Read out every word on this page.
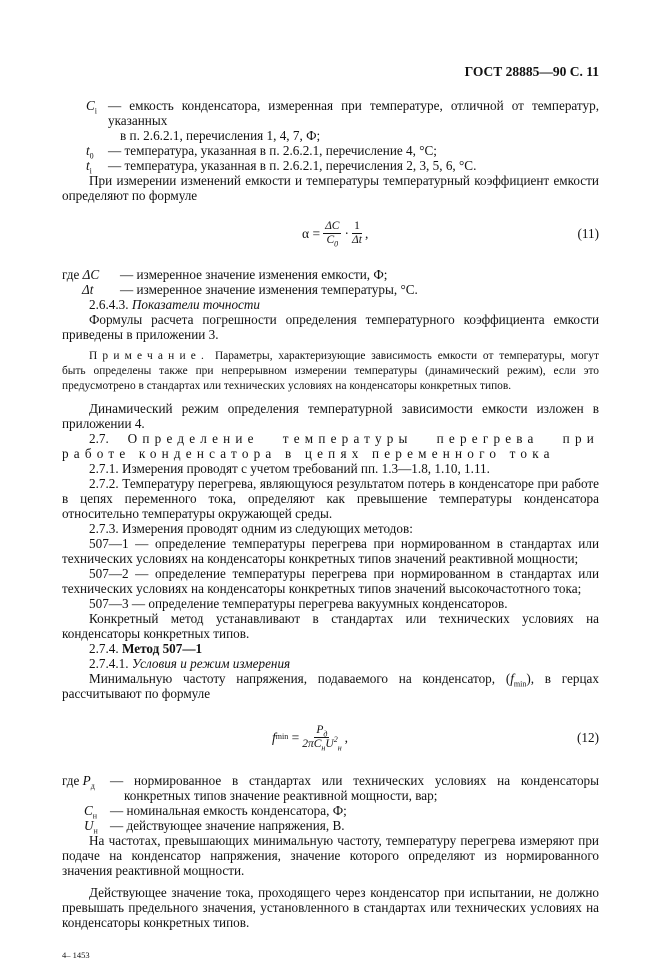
ГОСТ 28885—90 С. 11
$C_i$ — емкость конденсатора, измеренная при температуре, отличной от температур, указанных
в п. 2.6.2.1, перечисления 1, 4, 7, Ф;
$t_0$	— температура, указанная в п. 2.6.2.1, перечисление 4, °С;
$t_i$	— температура, указанная в п. 2.6.2.1, перечисления 2, 3, 5, 6, °С.
При измерении изменений емкости и температуры температурный коэффициент емкости определяют по формуле
$\alpha = \frac{\Delta C}{C_0} \cdot \frac{1}{\Delta t}$ ,	(11)
где ΔC	— измеренное значение изменения емкости, Ф;
Δt	— измеренное значение изменения температуры, °С.
2.6.4.3. Показатели точности
Формулы расчета погрешности определения температурного коэффициента емкости приведены в приложении 3.
Примечание. Параметры, характеризующие зависимость емкости от температуры, могут быть определены также при непрерывном измерении температуры (динамический режим), если это предусмотрено в стандартах или технических условиях на конденсаторы конкретных типов.
Динамический режим определения температурной зависимости емкости изложен в приложении 4.
2.7. Определение температуры перегрева при работе конденсатора в цепях переменного тока
2.7.1. Измерения проводят с учетом требований пп. 1.3—1.8, 1.10, 1.11.
2.7.2. Температуру перегрева, являющуюся результатом потерь в конденсаторе при работе в цепях переменного тока, определяют как превышение температуры конденсатора относительно температуры окружающей среды.
2.7.3. Измерения проводят одним из следующих методов:
507—1 — определение температуры перегрева при нормированном в стандартах или технических условиях на конденсаторы конкретных типов значений реактивной мощности;
507—2 — определение температуры перегрева при нормированном в стандартах или технических условиях на конденсаторы конкретных типов значений высокочастотного тока;
507—3 — определение температуры перегрева вакуумных конденсаторов.
Конкретный метод устанавливают в стандартах или технических условиях на конденсаторы конкретных типов.
2.7.4. Метод 507—1
2.7.4.1. Условия и режим измерения
Минимальную частоту напряжения, подаваемого на конденсатор, $(f_{min})$, в герцах рассчитывают по формуле
f min
= $\frac{P_д}{2\pi C_нU^2_н}$ ,	(12)
где $P_д$	— нормированное в стандартах или технических условиях на конденсаторы конкретных типов значение реактивной мощности, вар;
$C_н$ — номинальная емкость конденсатора, Ф;
$U_н$ — действующее значение напряжения, В.
На частотах, превышающих минимальную частоту, температуру перегрева измеряют при подаче на конденсатор напряжения, значение которого определяют из нормированного значения реактивной мощности.
Действующее значение тока, проходящего через конденсатор при испытании, не должно превышать предельного значения, установленного в стандартах или технических условиях на конденсаторы конкретных типов.
4– 1453
